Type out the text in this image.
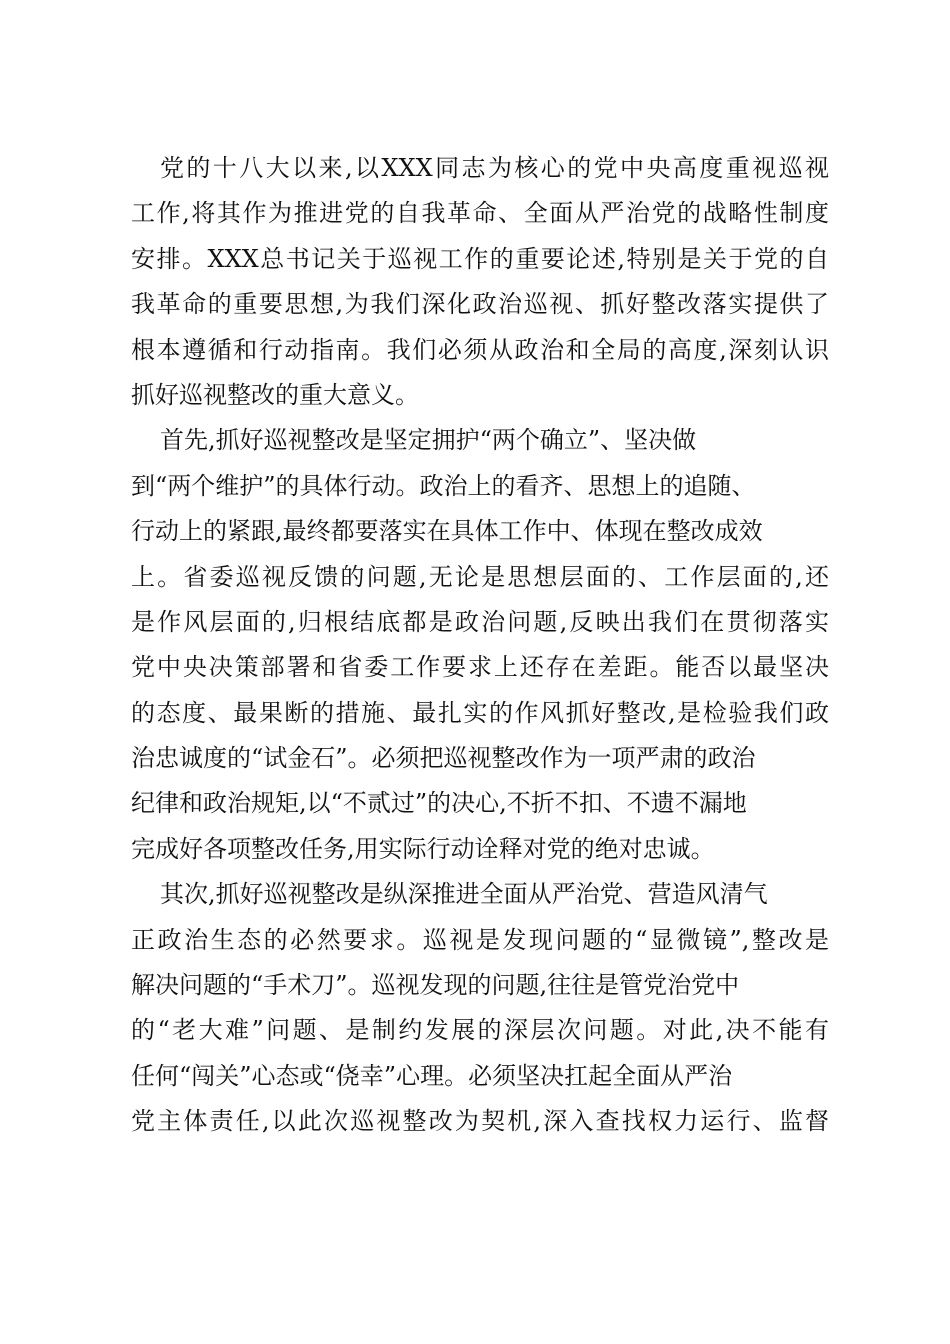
党的十八大以来,以XXX同志为核心的党中央高度重视巡视
工作,将其作为推进党的自我革命、全面从严治党的战略性制度
安排。XXX总书记关于巡视工作的重要论述,特别是关于党的自
我革命的重要思想,为我们深化政治巡视、抓好整改落实提供了
根本遵循和行动指南。我们必须从政治和全局的高度,深刻认识
抓好巡视整改的重大意义。
首先,抓好巡视整改是坚定拥护“两个确立”、坚决做
到“两个维护”的具体行动。政治上的看齐、思想上的追随、
行动上的紧跟,最终都要落实在具体工作中、体现在整改成效
上。省委巡视反馈的问题,无论是思想层面的、工作层面的,还
是作风层面的,归根结底都是政治问题,反映出我们在贯彻落实
党中央决策部署和省委工作要求上还存在差距。能否以最坚决
的态度、最果断的措施、最扎实的作风抓好整改,是检验我们政
治忠诚度的“试金石”。必须把巡视整改作为一项严肃的政治
纪律和政治规矩,以“不贰过”的决心,不折不扣、不遗不漏地
完成好各项整改任务,用实际行动诠释对党的绝对忠诚。
其次,抓好巡视整改是纵深推进全面从严治党、营造风清气
正政治生态的必然要求。巡视是发现问题的“显微镜”,整改是
解决问题的“手术刀”。巡视发现的问题,往往是管党治党中
的“老大难”问题、是制约发展的深层次问题。对此,决不能有
任何“闯关”心态或“侥幸”心理。必须坚决扛起全面从严治
党主体责任,以此次巡视整改为契机,深入查找权力运行、监督
